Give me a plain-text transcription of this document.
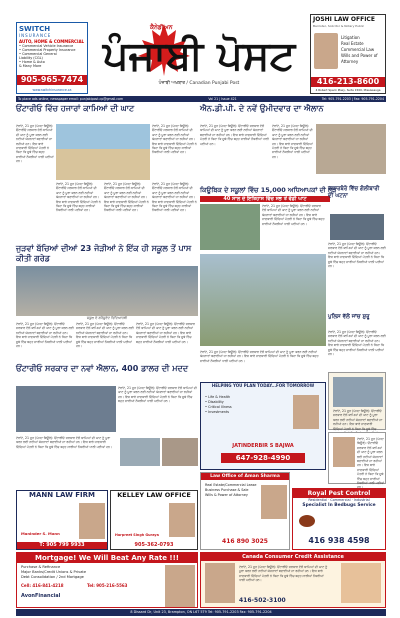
SWITCH
INSURANCE
AUTO, HOME & COMMERCIAL
• Commercial Vehicle Insurance
• Commercial Property Insurance
• Commercial General
Liability (CGL)
• Home & Auto
& Many More
905-965-7474
www.switchinsurance.ca
ਕੈਨੇਡੀਅਨ
ਪੰਜਾਬੀ ਪੋਸਟ
ਪੰਜਾਬੀ ਅਖ਼ਬਾਰ / Canadian Punjabi Post
JOSHI LAW OFFICE
Barrister, Solicitor & Notary Public
Litigation
Real Estate
Commercial Law
Wills and Power of Attorney
416-213-8600
4 Robert Speck Pkwy, Suite 1500, Mississauga
To place ads online, newspaper email: punjabipost.cp@gmail.com	Vol 21 | Issue 421	Tel: 905-791-2203 | Fax: 905-791-2204
ਓਂਟਾਰੀਓ ਵਿੱਚ ਹਜਾਰਾਂ ਕਾਮਿਆਂ ਦੀ ਘਾਟ	ਐਨ.ਡੀ.ਪੀ. ਦੇ ਨਵੇਂ ਉਮੀਦਵਾਰ ਦਾ ਐਲਾਨ
ਟੋਰਾਂਟੋ, 21 ਜੂਨ (ਪੋਸਟ ਬਿਊਰੋ): ਓਂਟਾਰੀਓ ਸਰਕਾਰ ਵੱਲੋਂ ਕਾਮਿਆਂ ਦੀ ਘਾਟ ਨੂੰ ਪੂਰਾ ਕਰਨ ਲਈ ਨਵੀਆਂ ਯੋਜਨਾਵਾਂ ਬਣਾਈਆਂ ਜਾ ਰਹੀਆਂ ਹਨ। ਇਸ ਬਾਰੇ ਜਾਣਕਾਰੀ ਦਿੰਦਿਆਂ ਮੰਤਰੀ ਨੇ ਕਿਹਾ ਕਿ ਸੂਬੇ ਵਿੱਚ ਬਹੁਤ ਸਾਰੀਆਂ ਨੌਕਰੀਆਂ ਖਾਲੀ ਪਈਆਂ ਹਨ।
ਟੋਰਾਂਟੋ, 21 ਜੂਨ (ਪੋਸਟ ਬਿਊਰੋ): ਓਂਟਾਰੀਓ ਸਰਕਾਰ ਵੱਲੋਂ ਕਾਮਿਆਂ ਦੀ ਘਾਟ ਨੂੰ ਪੂਰਾ ਕਰਨ ਲਈ ਨਵੀਆਂ ਯੋਜਨਾਵਾਂ ਬਣਾਈਆਂ ਜਾ ਰਹੀਆਂ ਹਨ। ਇਸ ਬਾਰੇ ਜਾਣਕਾਰੀ ਦਿੰਦਿਆਂ ਮੰਤਰੀ ਨੇ ਕਿਹਾ ਕਿ ਸੂਬੇ ਵਿੱਚ ਬਹੁਤ ਸਾਰੀਆਂ ਨੌਕਰੀਆਂ ਖਾਲੀ ਪਈਆਂ ਹਨ।
ਟੋਰਾਂਟੋ, 21 ਜੂਨ (ਪੋਸਟ ਬਿਊਰੋ): ਓਂਟਾਰੀਓ ਸਰਕਾਰ ਵੱਲੋਂ ਕਾਮਿਆਂ ਦੀ ਘਾਟ ਨੂੰ ਪੂਰਾ ਕਰਨ ਲਈ ਨਵੀਆਂ ਯੋਜਨਾਵਾਂ ਬਣਾਈਆਂ ਜਾ ਰਹੀਆਂ ਹਨ। ਇਸ ਬਾਰੇ ਜਾਣਕਾਰੀ ਦਿੰਦਿਆਂ ਮੰਤਰੀ ਨੇ ਕਿਹਾ ਕਿ ਸੂਬੇ ਵਿੱਚ ਬਹੁਤ ਸਾਰੀਆਂ ਨੌਕਰੀਆਂ ਖਾਲੀ ਪਈਆਂ ਹਨ।
ਟੋਰਾਂਟੋ, 21 ਜੂਨ (ਪੋਸਟ ਬਿਊਰੋ): ਓਂਟਾਰੀਓ ਸਰਕਾਰ ਵੱਲੋਂ ਕਾਮਿਆਂ ਦੀ ਘਾਟ ਨੂੰ ਪੂਰਾ ਕਰਨ ਲਈ ਨਵੀਆਂ ਯੋਜਨਾਵਾਂ ਬਣਾਈਆਂ ਜਾ ਰਹੀਆਂ ਹਨ। ਇਸ ਬਾਰੇ ਜਾਣਕਾਰੀ ਦਿੰਦਿਆਂ ਮੰਤਰੀ ਨੇ ਕਿਹਾ ਕਿ ਸੂਬੇ ਵਿੱਚ ਬਹੁਤ ਸਾਰੀਆਂ ਨੌਕਰੀਆਂ ਖਾਲੀ ਪਈਆਂ ਹਨ।
ਟੋਰਾਂਟੋ, 21 ਜੂਨ (ਪੋਸਟ ਬਿਊਰੋ): ਓਂਟਾਰੀਓ ਸਰਕਾਰ ਵੱਲੋਂ ਕਾਮਿਆਂ ਦੀ ਘਾਟ ਨੂੰ ਪੂਰਾ ਕਰਨ ਲਈ ਨਵੀਆਂ ਯੋਜਨਾਵਾਂ ਬਣਾਈਆਂ ਜਾ ਰਹੀਆਂ ਹਨ। ਇਸ ਬਾਰੇ ਜਾਣਕਾਰੀ ਦਿੰਦਿਆਂ ਮੰਤਰੀ ਨੇ ਕਿਹਾ ਕਿ ਸੂਬੇ ਵਿੱਚ ਬਹੁਤ ਸਾਰੀਆਂ ਨੌਕਰੀਆਂ ਖਾਲੀ ਪਈਆਂ ਹਨ।
ਟੋਰਾਂਟੋ, 21 ਜੂਨ (ਪੋਸਟ ਬਿਊਰੋ): ਓਂਟਾਰੀਓ ਸਰਕਾਰ ਵੱਲੋਂ ਕਾਮਿਆਂ ਦੀ ਘਾਟ ਨੂੰ ਪੂਰਾ ਕਰਨ ਲਈ ਨਵੀਆਂ ਯੋਜਨਾਵਾਂ ਬਣਾਈਆਂ ਜਾ ਰਹੀਆਂ ਹਨ। ਇਸ ਬਾਰੇ ਜਾਣਕਾਰੀ ਦਿੰਦਿਆਂ ਮੰਤਰੀ ਨੇ ਕਿਹਾ ਕਿ ਸੂਬੇ ਵਿੱਚ ਬਹੁਤ ਸਾਰੀਆਂ ਨੌਕਰੀਆਂ ਖਾਲੀ ਪਈਆਂ ਹਨ।
ਟੋਰਾਂਟੋ, 21 ਜੂਨ (ਪੋਸਟ ਬਿਊਰੋ): ਓਂਟਾਰੀਓ ਸਰਕਾਰ ਵੱਲੋਂ ਕਾਮਿਆਂ ਦੀ ਘਾਟ ਨੂੰ ਪੂਰਾ ਕਰਨ ਲਈ ਨਵੀਆਂ ਯੋਜਨਾਵਾਂ ਬਣਾਈਆਂ ਜਾ ਰਹੀਆਂ ਹਨ। ਇਸ ਬਾਰੇ ਜਾਣਕਾਰੀ ਦਿੰਦਿਆਂ ਮੰਤਰੀ ਨੇ ਕਿਹਾ ਕਿ ਸੂਬੇ ਵਿੱਚ ਬਹੁਤ ਸਾਰੀਆਂ ਨੌਕਰੀਆਂ ਖਾਲੀ ਪਈਆਂ ਹਨ।
ਕਿਊਬਿਕ ਦੇ ਸਕੂਲਾਂ ਵਿੱਚ 15,000 ਅਧਿਆਪਕਾਂ ਦੀ ਲੋੜ
40 ਸਾਲ ਦੇ ਇਤਿਹਾਸ ਵਿੱਚ ਸਭ ਤੋਂ ਵੱਡੀ ਘਾਟ
ਟੋਰਾਂਟੋ, 21 ਜੂਨ (ਪੋਸਟ ਬਿਊਰੋ): ਓਂਟਾਰੀਓ ਸਰਕਾਰ ਵੱਲੋਂ ਕਾਮਿਆਂ ਦੀ ਘਾਟ ਨੂੰ ਪੂਰਾ ਕਰਨ ਲਈ ਨਵੀਆਂ ਯੋਜਨਾਵਾਂ ਬਣਾਈਆਂ ਜਾ ਰਹੀਆਂ ਹਨ। ਇਸ ਬਾਰੇ ਜਾਣਕਾਰੀ ਦਿੰਦਿਆਂ ਮੰਤਰੀ ਨੇ ਕਿਹਾ ਕਿ ਸੂਬੇ ਵਿੱਚ ਬਹੁਤ ਸਾਰੀਆਂ ਨੌਕਰੀਆਂ ਖਾਲੀ ਪਈਆਂ ਹਨ।
ਸਕਾਰਬੋਰੋ ਵਿੱਚ ਗੋਲੀਬਾਰੀ ਦੀ ਘਟਨਾ
ਟੋਰਾਂਟੋ, 21 ਜੂਨ (ਪੋਸਟ ਬਿਊਰੋ): ਓਂਟਾਰੀਓ ਸਰਕਾਰ ਵੱਲੋਂ ਕਾਮਿਆਂ ਦੀ ਘਾਟ ਨੂੰ ਪੂਰਾ ਕਰਨ ਲਈ ਨਵੀਆਂ ਯੋਜਨਾਵਾਂ ਬਣਾਈਆਂ ਜਾ ਰਹੀਆਂ ਹਨ। ਇਸ ਬਾਰੇ ਜਾਣਕਾਰੀ ਦਿੰਦਿਆਂ ਮੰਤਰੀ ਨੇ ਕਿਹਾ ਕਿ ਸੂਬੇ ਵਿੱਚ ਬਹੁਤ ਸਾਰੀਆਂ ਨੌਕਰੀਆਂ ਖਾਲੀ ਪਈਆਂ ਹਨ।
ਜੁੜਵਾਂ ਬੱਚਿਆਂ ਦੀਆਂ 23 ਜੋੜੀਆਂ ਨੇ ਇੱਕ ਹੀ ਸਕੂਲ ਤੋਂ ਪਾਸ ਕੀਤੀ ਗਰੇਡ
ਸਕੂਲ ਦੇ ਗਰੈਜੂਏਟ ਵਿਦਿਆਰਥੀ
ਟੋਰਾਂਟੋ, 21 ਜੂਨ (ਪੋਸਟ ਬਿਊਰੋ): ਓਂਟਾਰੀਓ ਸਰਕਾਰ ਵੱਲੋਂ ਕਾਮਿਆਂ ਦੀ ਘਾਟ ਨੂੰ ਪੂਰਾ ਕਰਨ ਲਈ ਨਵੀਆਂ ਯੋਜਨਾਵਾਂ ਬਣਾਈਆਂ ਜਾ ਰਹੀਆਂ ਹਨ। ਇਸ ਬਾਰੇ ਜਾਣਕਾਰੀ ਦਿੰਦਿਆਂ ਮੰਤਰੀ ਨੇ ਕਿਹਾ ਕਿ ਸੂਬੇ ਵਿੱਚ ਬਹੁਤ ਸਾਰੀਆਂ ਨੌਕਰੀਆਂ ਖਾਲੀ ਪਈਆਂ ਹਨ।
ਟੋਰਾਂਟੋ, 21 ਜੂਨ (ਪੋਸਟ ਬਿਊਰੋ): ਓਂਟਾਰੀਓ ਸਰਕਾਰ ਵੱਲੋਂ ਕਾਮਿਆਂ ਦੀ ਘਾਟ ਨੂੰ ਪੂਰਾ ਕਰਨ ਲਈ ਨਵੀਆਂ ਯੋਜਨਾਵਾਂ ਬਣਾਈਆਂ ਜਾ ਰਹੀਆਂ ਹਨ। ਇਸ ਬਾਰੇ ਜਾਣਕਾਰੀ ਦਿੰਦਿਆਂ ਮੰਤਰੀ ਨੇ ਕਿਹਾ ਕਿ ਸੂਬੇ ਵਿੱਚ ਬਹੁਤ ਸਾਰੀਆਂ ਨੌਕਰੀਆਂ ਖਾਲੀ ਪਈਆਂ ਹਨ।
ਟੋਰਾਂਟੋ, 21 ਜੂਨ (ਪੋਸਟ ਬਿਊਰੋ): ਓਂਟਾਰੀਓ ਸਰਕਾਰ ਵੱਲੋਂ ਕਾਮਿਆਂ ਦੀ ਘਾਟ ਨੂੰ ਪੂਰਾ ਕਰਨ ਲਈ ਨਵੀਆਂ ਯੋਜਨਾਵਾਂ ਬਣਾਈਆਂ ਜਾ ਰਹੀਆਂ ਹਨ। ਇਸ ਬਾਰੇ ਜਾਣਕਾਰੀ ਦਿੰਦਿਆਂ ਮੰਤਰੀ ਨੇ ਕਿਹਾ ਕਿ ਸੂਬੇ ਵਿੱਚ ਬਹੁਤ ਸਾਰੀਆਂ ਨੌਕਰੀਆਂ ਖਾਲੀ ਪਈਆਂ ਹਨ।
ਪੁਲਿਸ ਵੱਲੋਂ ਜਾਂਚ ਸ਼ੁਰੂ
ਟੋਰਾਂਟੋ, 21 ਜੂਨ (ਪੋਸਟ ਬਿਊਰੋ): ਓਂਟਾਰੀਓ ਸਰਕਾਰ ਵੱਲੋਂ ਕਾਮਿਆਂ ਦੀ ਘਾਟ ਨੂੰ ਪੂਰਾ ਕਰਨ ਲਈ ਨਵੀਆਂ ਯੋਜਨਾਵਾਂ ਬਣਾਈਆਂ ਜਾ ਰਹੀਆਂ ਹਨ। ਇਸ ਬਾਰੇ ਜਾਣਕਾਰੀ ਦਿੰਦਿਆਂ ਮੰਤਰੀ ਨੇ ਕਿਹਾ ਕਿ ਸੂਬੇ ਵਿੱਚ ਬਹੁਤ ਸਾਰੀਆਂ ਨੌਕਰੀਆਂ ਖਾਲੀ ਪਈਆਂ ਹਨ।
ਓਂਟਾਰੀਓ ਸਰਕਾਰ ਦਾ ਨਵਾਂ ਐਲਾਨ, 400 ਡਾਲਰ ਦੀ ਮਦਦ
ਟੋਰਾਂਟੋ, 21 ਜੂਨ (ਪੋਸਟ ਬਿਊਰੋ): ਓਂਟਾਰੀਓ ਸਰਕਾਰ ਵੱਲੋਂ ਕਾਮਿਆਂ ਦੀ ਘਾਟ ਨੂੰ ਪੂਰਾ ਕਰਨ ਲਈ ਨਵੀਆਂ ਯੋਜਨਾਵਾਂ ਬਣਾਈਆਂ ਜਾ ਰਹੀਆਂ ਹਨ। ਇਸ ਬਾਰੇ ਜਾਣਕਾਰੀ ਦਿੰਦਿਆਂ ਮੰਤਰੀ ਨੇ ਕਿਹਾ ਕਿ ਸੂਬੇ ਵਿੱਚ ਬਹੁਤ ਸਾਰੀਆਂ ਨੌਕਰੀਆਂ ਖਾਲੀ ਪਈਆਂ ਹਨ।
ਟੋਰਾਂਟੋ, 21 ਜੂਨ (ਪੋਸਟ ਬਿਊਰੋ): ਓਂਟਾਰੀਓ ਸਰਕਾਰ ਵੱਲੋਂ ਕਾਮਿਆਂ ਦੀ ਘਾਟ ਨੂੰ ਪੂਰਾ ਕਰਨ ਲਈ ਨਵੀਆਂ ਯੋਜਨਾਵਾਂ ਬਣਾਈਆਂ ਜਾ ਰਹੀਆਂ ਹਨ। ਇਸ ਬਾਰੇ ਜਾਣਕਾਰੀ ਦਿੰਦਿਆਂ ਮੰਤਰੀ ਨੇ ਕਿਹਾ ਕਿ ਸੂਬੇ ਵਿੱਚ ਬਹੁਤ ਸਾਰੀਆਂ ਨੌਕਰੀਆਂ ਖਾਲੀ ਪਈਆਂ ਹਨ।
ਟੋਰਾਂਟੋ, 21 ਜੂਨ (ਪੋਸਟ ਬਿਊਰੋ): ਓਂਟਾਰੀਓ ਸਰਕਾਰ ਵੱਲੋਂ ਕਾਮਿਆਂ ਦੀ ਘਾਟ ਨੂੰ ਪੂਰਾ ਕਰਨ ਲਈ ਨਵੀਆਂ ਯੋਜਨਾਵਾਂ ਬਣਾਈਆਂ ਜਾ ਰਹੀਆਂ ਹਨ। ਇਸ ਬਾਰੇ ਜਾਣਕਾਰੀ ਦਿੰਦਿਆਂ ਮੰਤਰੀ ਨੇ ਕਿਹਾ ਕਿ ਸੂਬੇ ਵਿੱਚ ਬਹੁਤ ਸਾਰੀਆਂ ਨੌਕਰੀਆਂ ਖਾਲੀ ਪਈਆਂ ਹਨ।
HELPING YOU PLAN TODAY...FOR TOMORROW
• Life & Health
• Disability
• Critical Illness
• Investments
JATINDERBIR S BAJWA
647-928-4990
ਟੋਰਾਂਟੋ, 21 ਜੂਨ (ਪੋਸਟ ਬਿਊਰੋ): ਓਂਟਾਰੀਓ ਸਰਕਾਰ ਵੱਲੋਂ ਕਾਮਿਆਂ ਦੀ ਘਾਟ ਨੂੰ ਪੂਰਾ ਕਰਨ ਲਈ ਨਵੀਆਂ ਯੋਜਨਾਵਾਂ ਬਣਾਈਆਂ ਜਾ ਰਹੀਆਂ ਹਨ। ਇਸ ਬਾਰੇ ਜਾਣਕਾਰੀ ਦਿੰਦਿਆਂ ਮੰਤਰੀ ਨੇ ਕਿਹਾ ਕਿ ਸੂਬੇ ਵਿੱਚ
ਟੋਰਾਂਟੋ, 21 ਜੂਨ (ਪੋਸਟ ਬਿਊਰੋ): ਓਂਟਾਰੀਓ ਸਰਕਾਰ ਵੱਲੋਂ ਕਾਮਿਆਂ ਦੀ ਘਾਟ ਨੂੰ ਪੂਰਾ ਕਰਨ ਲਈ ਨਵੀਆਂ ਯੋਜਨਾਵਾਂ ਬਣਾਈਆਂ ਜਾ ਰਹੀਆਂ ਹਨ। ਇਸ ਬਾਰੇ ਜਾਣਕਾਰੀ ਦਿੰਦਿਆਂ ਮੰਤਰੀ ਨੇ ਕਿਹਾ ਕਿ ਸੂਬੇ ਵਿੱਚ ਬਹੁਤ ਸਾਰੀਆਂ ਨੌਕਰੀਆਂ ਖਾਲੀ ਪਈਆਂ
MANN LAW FIRM
Maninder S. Mann
T: 905 799 9933
KELLEY LAW OFFICE
Harpreet Singh Guraya
905-362-0793
Law Office of Aman Sharma
Real Estate/Commercial Lease
Business Purchase & Sale
Wills & Power of Attorney
416 890 3025
Royal Pest Control
Residential · Commercial · Industrial
Specialist In Bedbugs Service
416 938 4598
Mortgage! We Will Beat Any Rate !!!
Purchase & Refinance
Major Banks/Credit Unions & Private
Debt Consolidation / 2nd Mortgage
Cell: 416-841-4218	Tel: 905-216-5563
AvonFinancial
Canada Consumer Credit Assistance
ਟੋਰਾਂਟੋ, 21 ਜੂਨ (ਪੋਸਟ ਬਿਊਰੋ): ਓਂਟਾਰੀਓ ਸਰਕਾਰ ਵੱਲੋਂ ਕਾਮਿਆਂ ਦੀ ਘਾਟ ਨੂੰ ਪੂਰਾ ਕਰਨ ਲਈ ਨਵੀਆਂ ਯੋਜਨਾਵਾਂ ਬਣਾਈਆਂ ਜਾ ਰਹੀਆਂ ਹਨ। ਇਸ ਬਾਰੇ ਜਾਣਕਾਰੀ ਦਿੰਦਿਆਂ ਮੰਤਰੀ ਨੇ ਕਿਹਾ ਕਿ ਸੂਬੇ ਵਿੱਚ ਬਹੁਤ ਸਾਰੀਆਂ ਨੌਕਰੀਆਂ ਖਾਲੀ ਪਈਆਂ ਹਨ।
416-502-3100
8 Dissard Dr, Unit 23, Brampton, ON L6T 5T9 Tel: 905-791-2203 Fax: 905-791-2204
